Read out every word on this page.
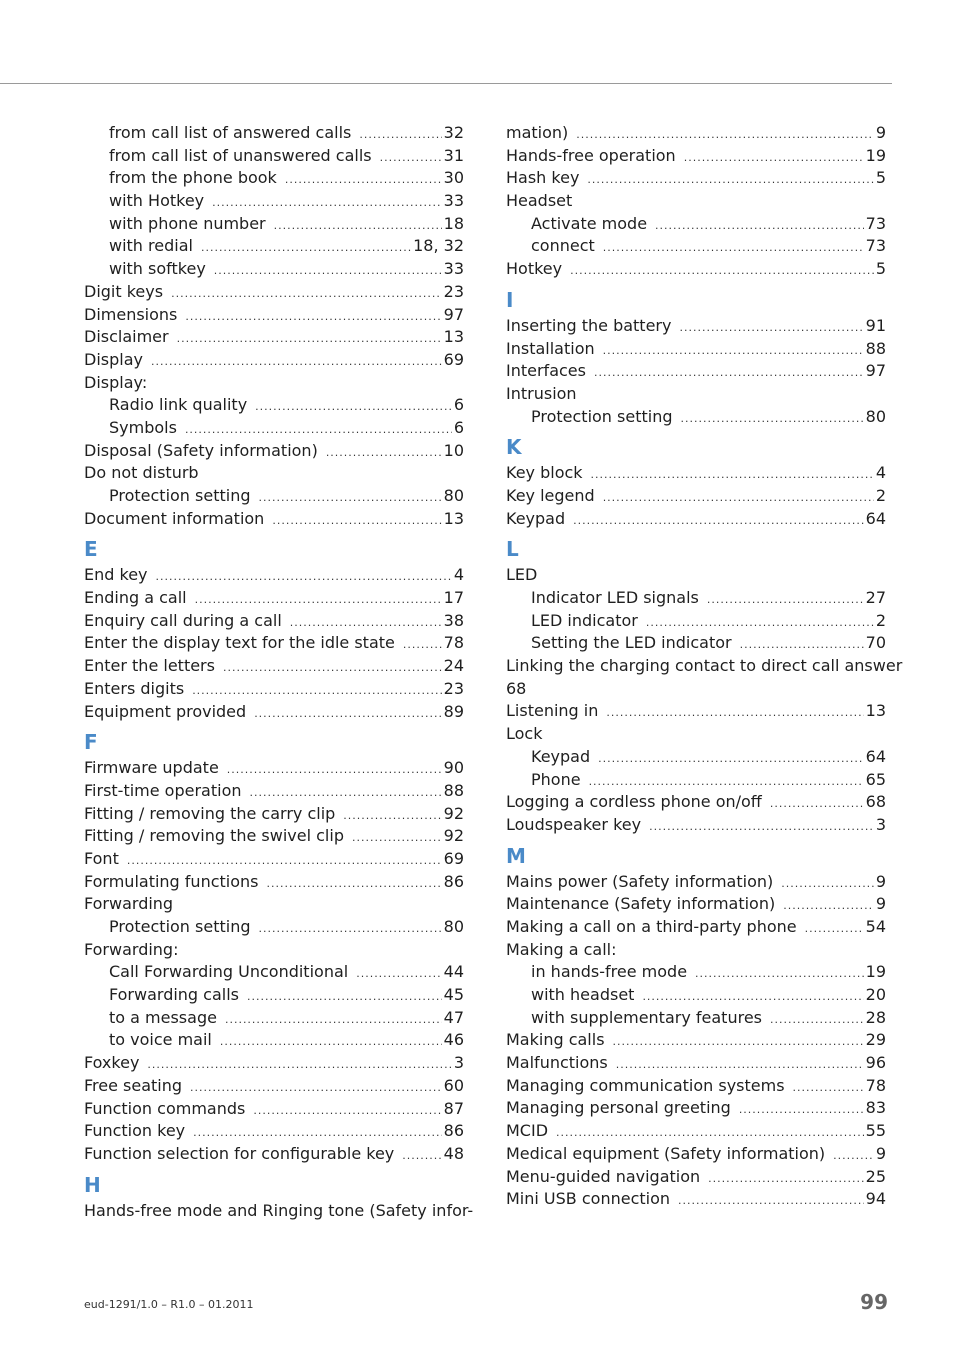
from call list of answered calls .....	32
from call list of unanswered calls .....	31
from the phone book .....	30
with Hotkey .....	33
with phone number .....	18
with redial .....	18, 32
with softkey .....	33
Digit keys .....	23
Dimensions .....	97
Disclaimer .....	13
Display .....	69
Display:
Radio link quality .....	6
Symbols .....	6
Disposal (Safety information) .....	10
Do not disturb
Protection setting .....	80
Document information .....	13
E
End key .....	4
Ending a call .....	17
Enquiry call during a call .....	38
Enter the display text for the idle state .....	78
Enter the letters .....	24
Enters digits .....	23
Equipment provided .....	89
F
Firmware update .....	90
First-time operation .....	88
Fitting / removing the carry clip .....	92
Fitting / removing the swivel clip .....	92
Font .....	69
Formulating functions .....	86
Forwarding
Protection setting .....	80
Forwarding:
Call Forwarding Unconditional .....	44
Forwarding calls .....	45
to a message .....	47
to voice mail .....	46
Foxkey .....	3
Free seating .....	60
Function commands .....	87
Function key .....	86
Function selection for configurable key .....	48
H
Hands-free mode and Ringing tone (Safety infor-
mation) .....	9
Hands-free operation .....	19
Hash key .....	5
Headset
Activate mode .....	73
connect .....	73
Hotkey .....	5
I
Inserting the battery .....	91
Installation .....	88
Interfaces .....	97
Intrusion
Protection setting .....	80
K
Key block .....	4
Key legend .....	2
Keypad .....	64
L
LED
Indicator LED signals .....	27
LED indicator .....	2
Setting the LED indicator .....	70
Linking the charging contact to direct call answer
68
Listening in .....	13
Lock
Keypad .....	64
Phone .....	65
Logging a cordless phone on/off .....	68
Loudspeaker key .....	3
M
Mains power (Safety information) .....	9
Maintenance (Safety information) .....	9
Making a call on a third-party phone .....	54
Making a call:
in hands-free mode .....	19
with headset .....	20
with supplementary features .....	28
Making calls .....	29
Malfunctions .....	96
Managing communication systems .....	78
Managing personal greeting .....	83
MCID .....	55
Medical equipment (Safety information) .....	9
Menu-guided navigation .....	25
Mini USB connection .....	94
eud-1291/1.0 – R1.0 – 01.2011	99
